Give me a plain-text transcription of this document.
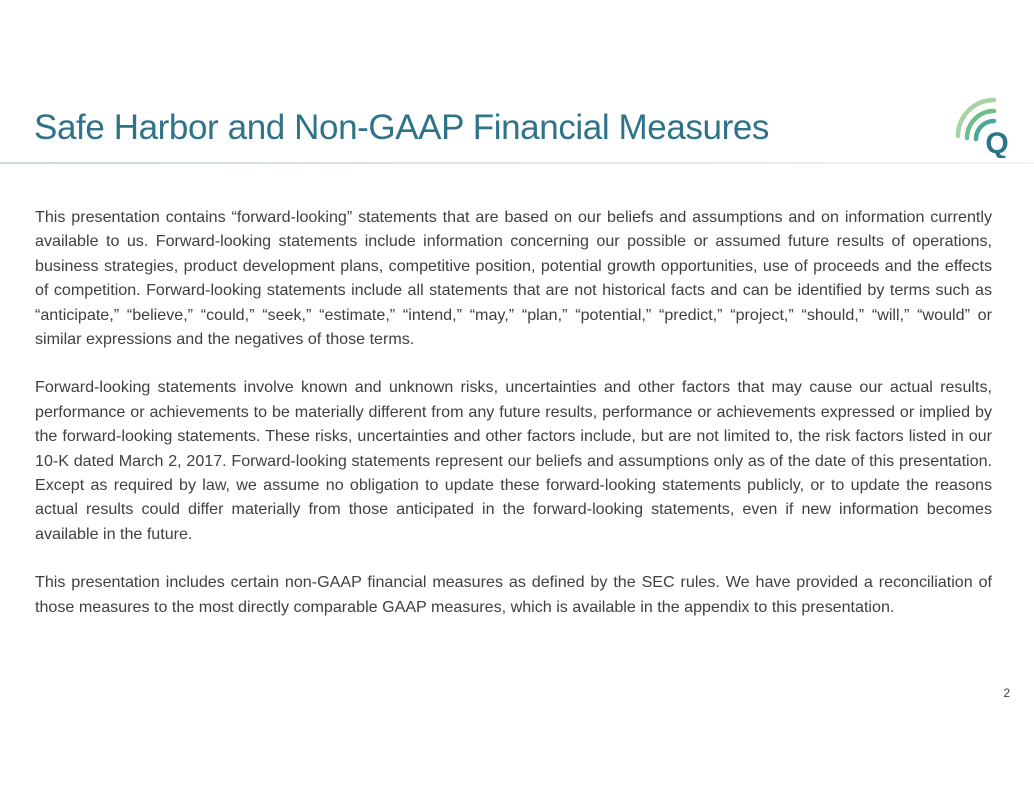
Safe Harbor and Non-GAAP Financial Measures	Q

This presentation contains “forward-looking” statements that are based on our beliefs and assumptions and on information currently available to us. Forward-looking statements include information concerning our possible or assumed future results of operations, business strategies, product development plans, competitive position, potential growth opportunities, use of proceeds and the effects of competition. Forward-looking statements include all statements that are not historical facts and can be identified by terms such as “anticipate,” “believe,” “could,” “seek,” “estimate,” “intend,” “may,” “plan,” “potential,” “predict,” “project,” “should,” “will,” “would” or similar expressions and the negatives of those terms.

Forward-looking statements involve known and unknown risks, uncertainties and other factors that may cause our actual results, performance or achievements to be materially different from any future results, performance or achievements expressed or implied by the forward-looking statements. These risks, uncertainties and other factors include, but are not limited to, the risk factors listed in our 10-K dated March 2, 2017. Forward-looking statements represent our beliefs and assumptions only as of the date of this presentation. Except as required by law, we assume no obligation to update these forward-looking statements publicly, or to update the reasons actual results could differ materially from those anticipated in the forward-looking statements, even if new information becomes available in the future.

This presentation includes certain non-GAAP financial measures as defined by the SEC rules. We have provided a reconciliation of those measures to the most directly comparable GAAP measures, which is available in the appendix to this presentation.

2
